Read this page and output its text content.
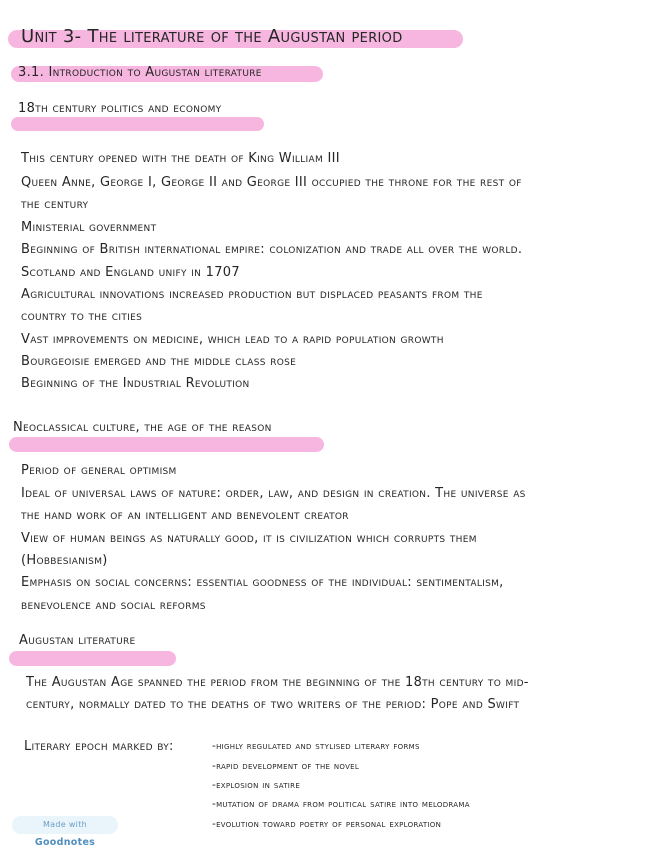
Unit 3- The literature of the Augustan period
3.1. Introduction to Augustan literature
18th century politics and economy
This century opened with the death of King William III
Queen Anne, George I, George II and George III occupied the throne for the rest of
the century
Ministerial government
Beginning of British international empire: colonization and trade all over the world.
Scotland and England unify in 1707
Agricultural innovations increased production but displaced peasants from the
country to the cities
Vast improvements on medicine, which lead to a rapid population growth
Bourgeoisie emerged and the middle class rose
Beginning of the Industrial Revolution
Neoclassical culture, the age of the reason
Period of general optimism
Ideal of universal laws of nature: order, law, and design in creation. The universe as
the hand work of an intelligent and benevolent creator
View of human beings as naturally good, it is civilization which corrupts them
(Hobbesianism)
Emphasis on social concerns: essential goodness of the individual: sentimentalism,
benevolence and social reforms
Augustan literature
The Augustan Age spanned the period from the beginning of the 18th century to mid-
century, normally dated to the deaths of two writers of the period: Pope and Swift
Literary epoch marked by:	-highly regulated and stylised literary forms
-rapid development of the novel
-explosion in satire
-mutation of drama from political satire into melodrama
-evolution toward poetry of personal exploration
Made with Goodnotes
